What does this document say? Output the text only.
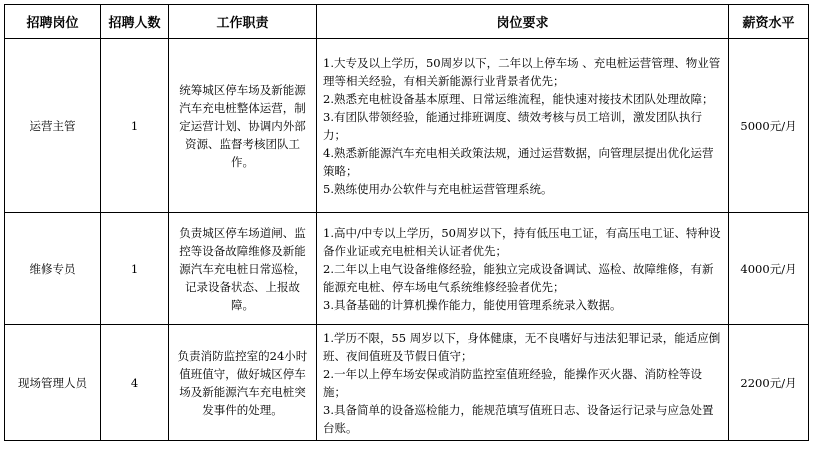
招聘岗位	招聘人数	工作职责	岗位要求	薪资水平
运营主管	1	统筹城区停车场及新能源汽车充电桩整体运营，制定运营计划、协调内外部资源、监督考核团队工作。	1.大专及以上学历，50周岁以下，二年以上停车场 、充电桩运营管理、物业管理等相关经验，有相关新能源行业背景者优先；
2.熟悉充电桩设备基本原理、日常运维流程，能快速对接技术团队处理故障；
3.有团队带领经验，能通过排班调度、绩效考核与员工培训，激发团队执行力；
4.熟悉新能源汽车充电相关政策法规，通过运营数据，向管理层提出优化运营策略；
5.熟练使用办公软件与充电桩运营管理系统。	5000元/月
维修专员	1	负责城区停车场道闸、监控等设备故障维修及新能源汽车充电桩日常巡检，记录设备状态、上报故障。	1.高中/中专以上学历，50周岁以下，持有低压电工证，有高压电工证、特种设备作业证或充电桩相关认证者优先；
2.二年以上电气设备维修经验，能独立完成设备调试、巡检、故障维修，有新能源充电桩、停车场电气系统维修经验者优先；
3.具备基础的计算机操作能力，能使用管理系统录入数据。	4000元/月
现场管理人员	4	负责消防监控室的24小时值班值守，做好城区停车场及新能源汽车充电桩突发事件的处理。	1.学历不限，55 周岁以下，身体健康，无不良嗜好与违法犯罪记录，能适应倒班、夜间值班及节假日值守；
2.一年以上停车场安保或消防监控室值班经验，能操作灭火器、消防栓等设施；
3.具备简单的设备巡检能力，能规范填写值班日志、设备运行记录与应急处置台账。	2200元/月
